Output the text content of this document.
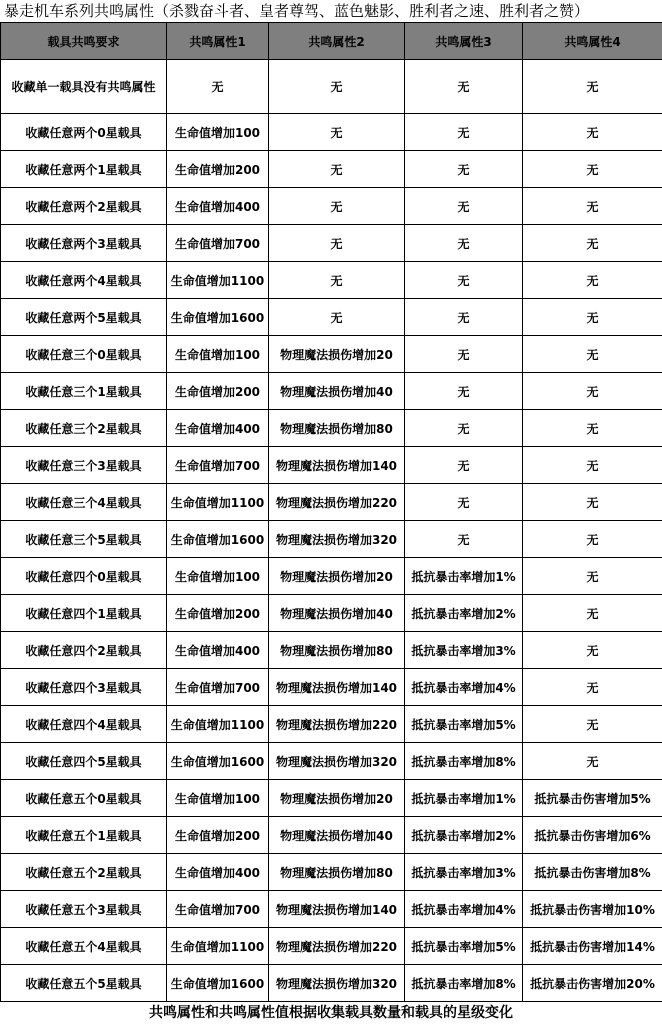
暴走机车系列共鸣属性（杀戮奋斗者、皇者尊驾、蓝色魅影、胜利者之速、胜利者之赞）
载具共鸣要求	共鸣属性1	共鸣属性2	共鸣属性3	共鸣属性4
收藏单一载具没有共鸣属性	无	无	无	无
收藏任意两个0星载具	生命值增加100	无	无	无
收藏任意两个1星载具	生命值增加200	无	无	无
收藏任意两个2星载具	生命值增加400	无	无	无
收藏任意两个3星载具	生命值增加700	无	无	无
收藏任意两个4星载具	生命值增加1100	无	无	无
收藏任意两个5星载具	生命值增加1600	无	无	无
收藏任意三个0星载具	生命值增加100	物理魔法损伤增加20	无	无
收藏任意三个1星载具	生命值增加200	物理魔法损伤增加40	无	无
收藏任意三个2星载具	生命值增加400	物理魔法损伤增加80	无	无
收藏任意三个3星载具	生命值增加700	物理魔法损伤增加140	无	无
收藏任意三个4星载具	生命值增加1100	物理魔法损伤增加220	无	无
收藏任意三个5星载具	生命值增加1600	物理魔法损伤增加320	无	无
收藏任意四个0星载具	生命值增加100	物理魔法损伤增加20	抵抗暴击率增加1%	无
收藏任意四个1星载具	生命值增加200	物理魔法损伤增加40	抵抗暴击率增加2%	无
收藏任意四个2星载具	生命值增加400	物理魔法损伤增加80	抵抗暴击率增加3%	无
收藏任意四个3星载具	生命值增加700	物理魔法损伤增加140	抵抗暴击率增加4%	无
收藏任意四个4星载具	生命值增加1100	物理魔法损伤增加220	抵抗暴击率增加5%	无
收藏任意四个5星载具	生命值增加1600	物理魔法损伤增加320	抵抗暴击率增加8%	无
收藏任意五个0星载具	生命值增加100	物理魔法损伤增加20	抵抗暴击率增加1%	抵抗暴击伤害增加5%
收藏任意五个1星载具	生命值增加200	物理魔法损伤增加40	抵抗暴击率增加2%	抵抗暴击伤害增加6%
收藏任意五个2星载具	生命值增加400	物理魔法损伤增加80	抵抗暴击率增加3%	抵抗暴击伤害增加8%
收藏任意五个3星载具	生命值增加700	物理魔法损伤增加140	抵抗暴击率增加4%	抵抗暴击伤害增加10%
收藏任意五个4星载具	生命值增加1100	物理魔法损伤增加220	抵抗暴击率增加5%	抵抗暴击伤害增加14%
收藏任意五个5星载具	生命值增加1600	物理魔法损伤增加320	抵抗暴击率增加8%	抵抗暴击伤害增加20%
共鸣属性和共鸣属性值根据收集载具数量和载具的星级变化
